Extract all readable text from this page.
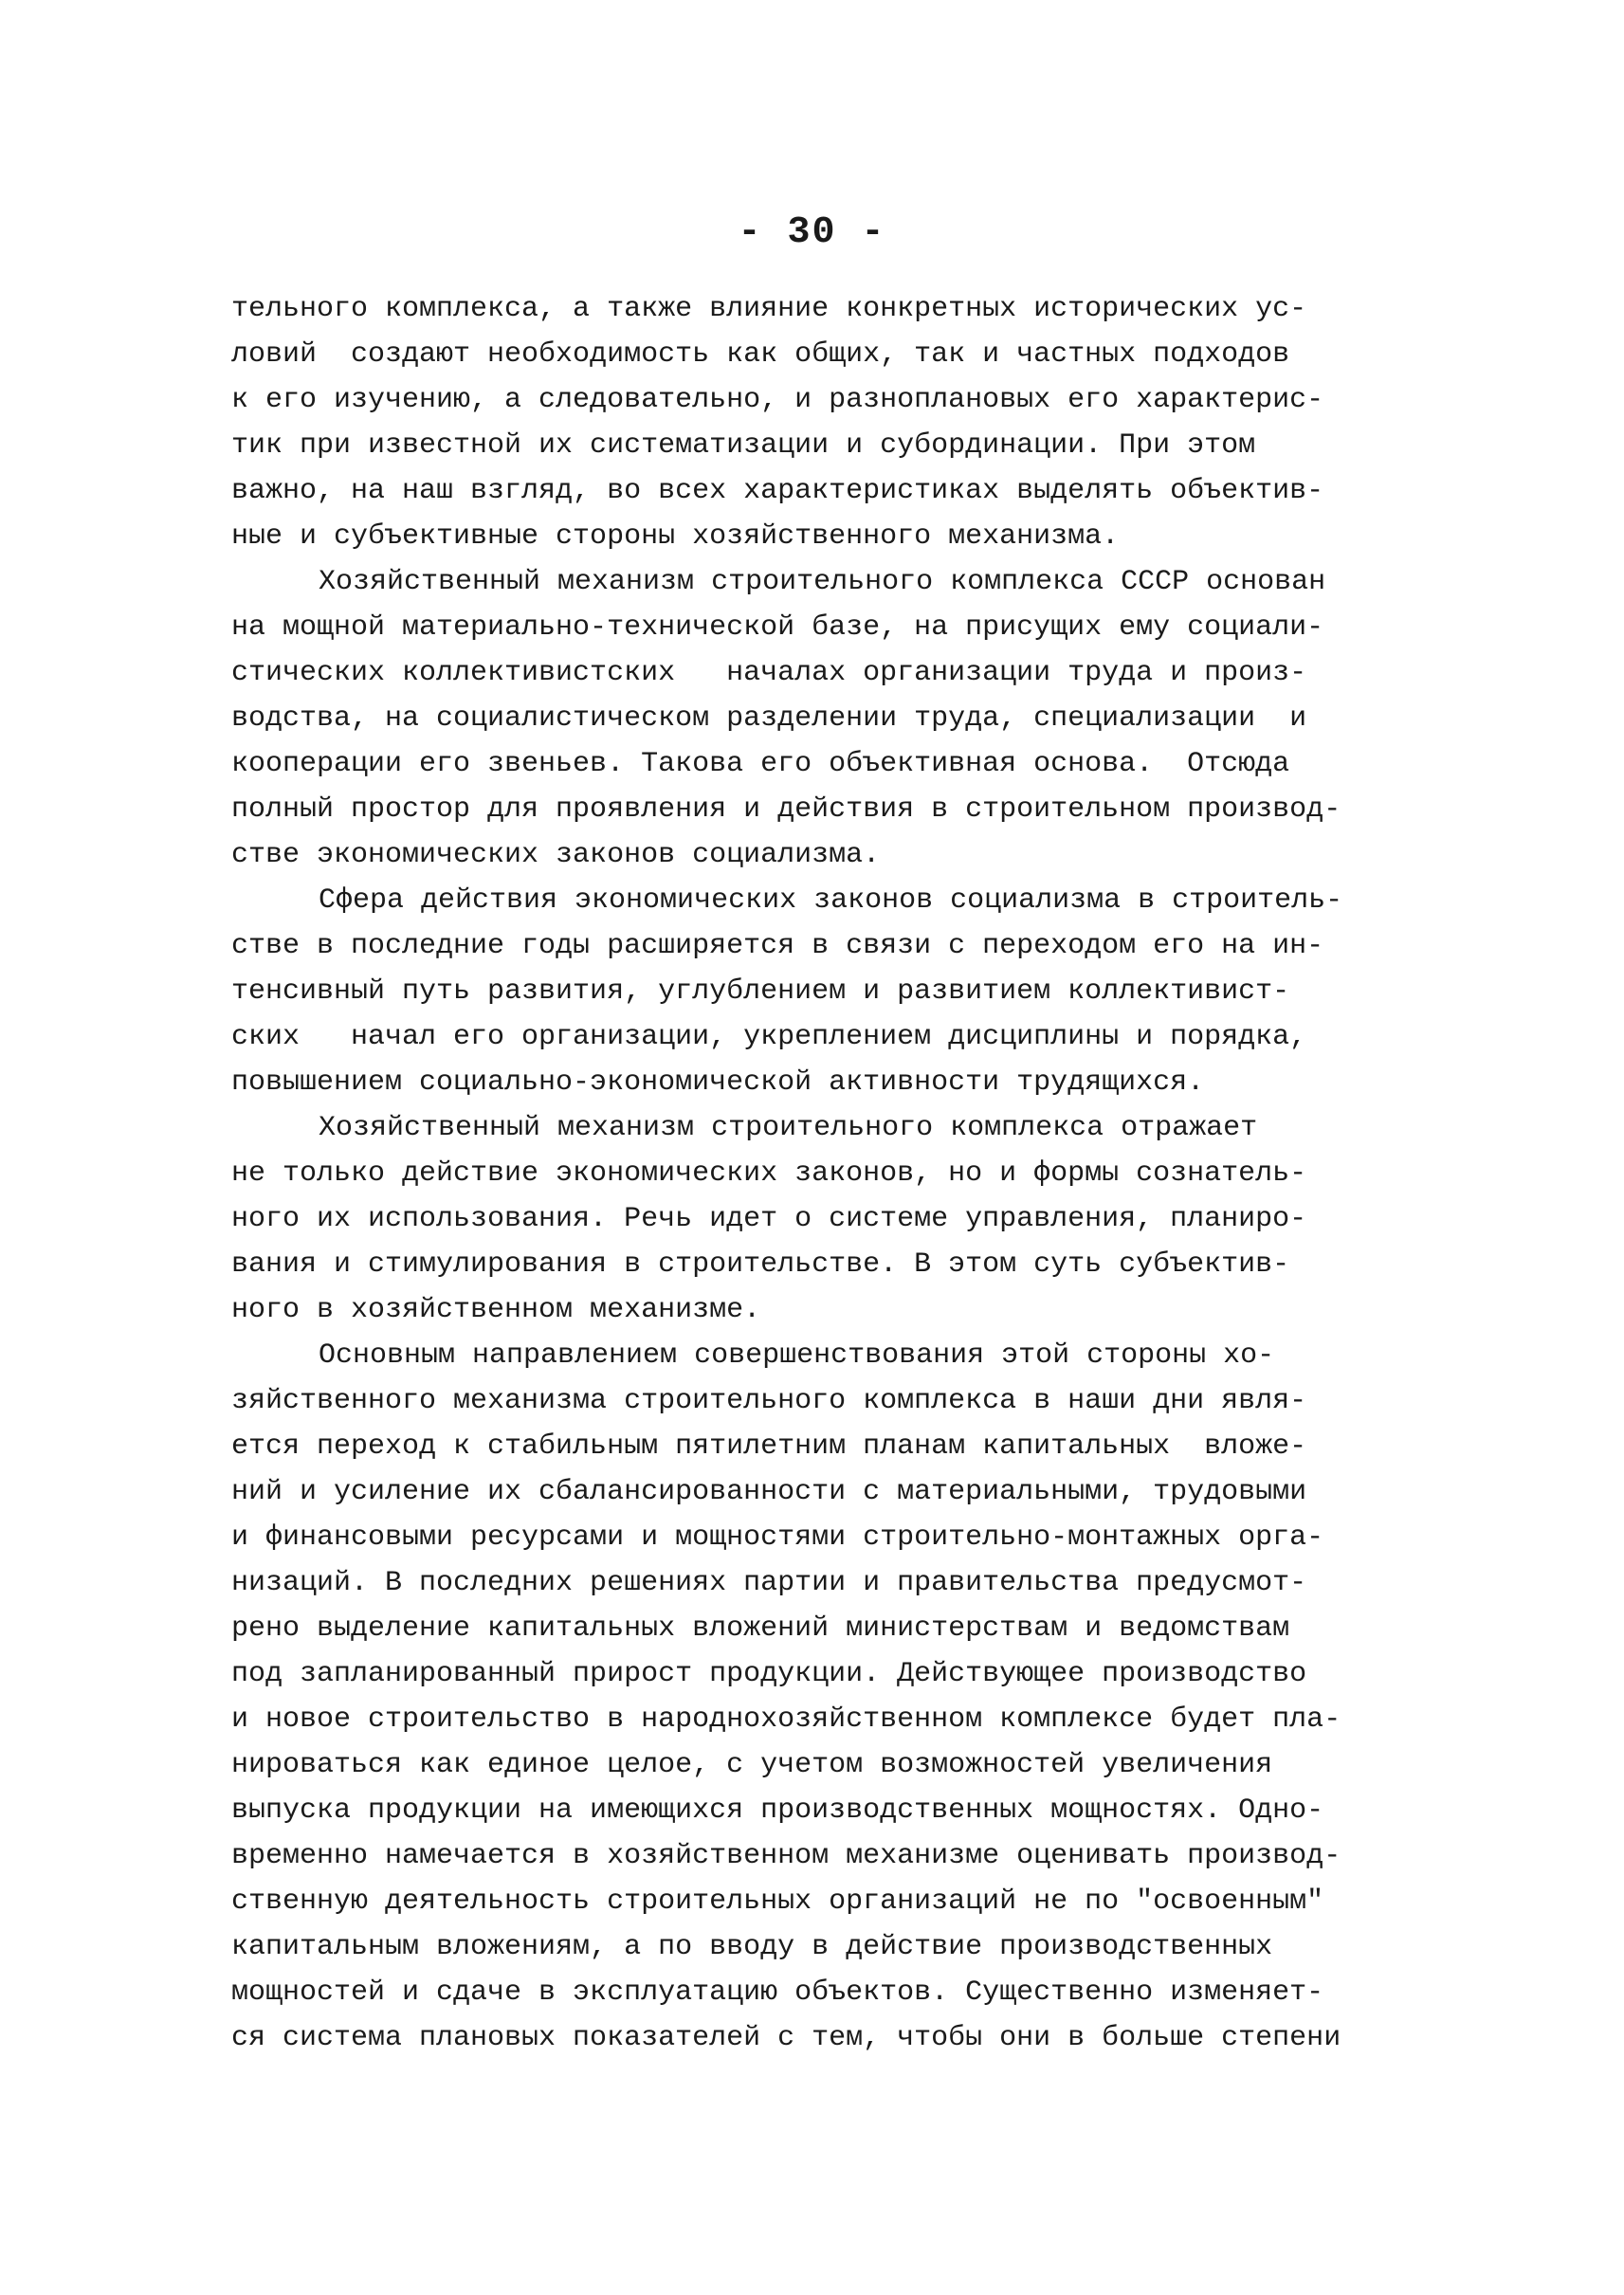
- 30 -
тельного комплекса, а также влияние конкретных исторических ус-
ловий  создают необходимость как общих, так и частных подходов
к его изучению, а следовательно, и разноплановых его характерис-
тик при известной их систематизации и субординации. При этом
важно, на наш взгляд, во всех характеристиках выделять объектив-
ные и субъективные стороны хозяйственного механизма.
Хозяйственный механизм строительного комплекса СССР основан
на мощной материально-технической базе, на присущих ему социали-
стических коллективистских   началах организации труда и произ-
водства, на социалистическом разделении труда, специализации  и
кооперации его звеньев. Такова его объективная основа.  Отсюда
полный простор для проявления и действия в строительном производ-
стве экономических законов социализма.
Сфера действия экономических законов социализма в строитель-
стве в последние годы расширяется в связи с переходом его на ин-
тенсивный путь развития, углублением и развитием коллективист-
ских   начал его организации, укреплением дисциплины и порядка,
повышением социально-экономической активности трудящихся.
Хозяйственный механизм строительного комплекса отражает
не только действие экономических законов, но и формы сознатель-
ного их использования. Речь идет о системе управления, планиро-
вания и стимулирования в строительстве. В этом суть субъектив-
ного в хозяйственном механизме.
Основным направлением совершенствования этой стороны хо-
зяйственного механизма строительного комплекса в наши дни явля-
ется переход к стабильным пятилетним планам капитальных  вложе-
ний и усиление их сбалансированности с материальными, трудовыми
и финансовыми ресурсами и мощностями строительно-монтажных орга-
низаций. В последних решениях партии и правительства предусмот-
рено выделение капитальных вложений министерствам и ведомствам
под запланированный прирост продукции. Действующее производство
и новое строительство в народнохозяйственном комплексе будет пла-
нироваться как единое целое, с учетом возможностей увеличения
выпуска продукции на имеющихся производственных мощностях. Одно-
временно намечается в хозяйственном механизме оценивать производ-
ственную деятельность строительных организаций не по "освоенным"
капитальным вложениям, а по вводу в действие производственных
мощностей и сдаче в эксплуатацию объектов. Существенно изменяет-
ся система плановых показателей с тем, чтобы они в больше степени
